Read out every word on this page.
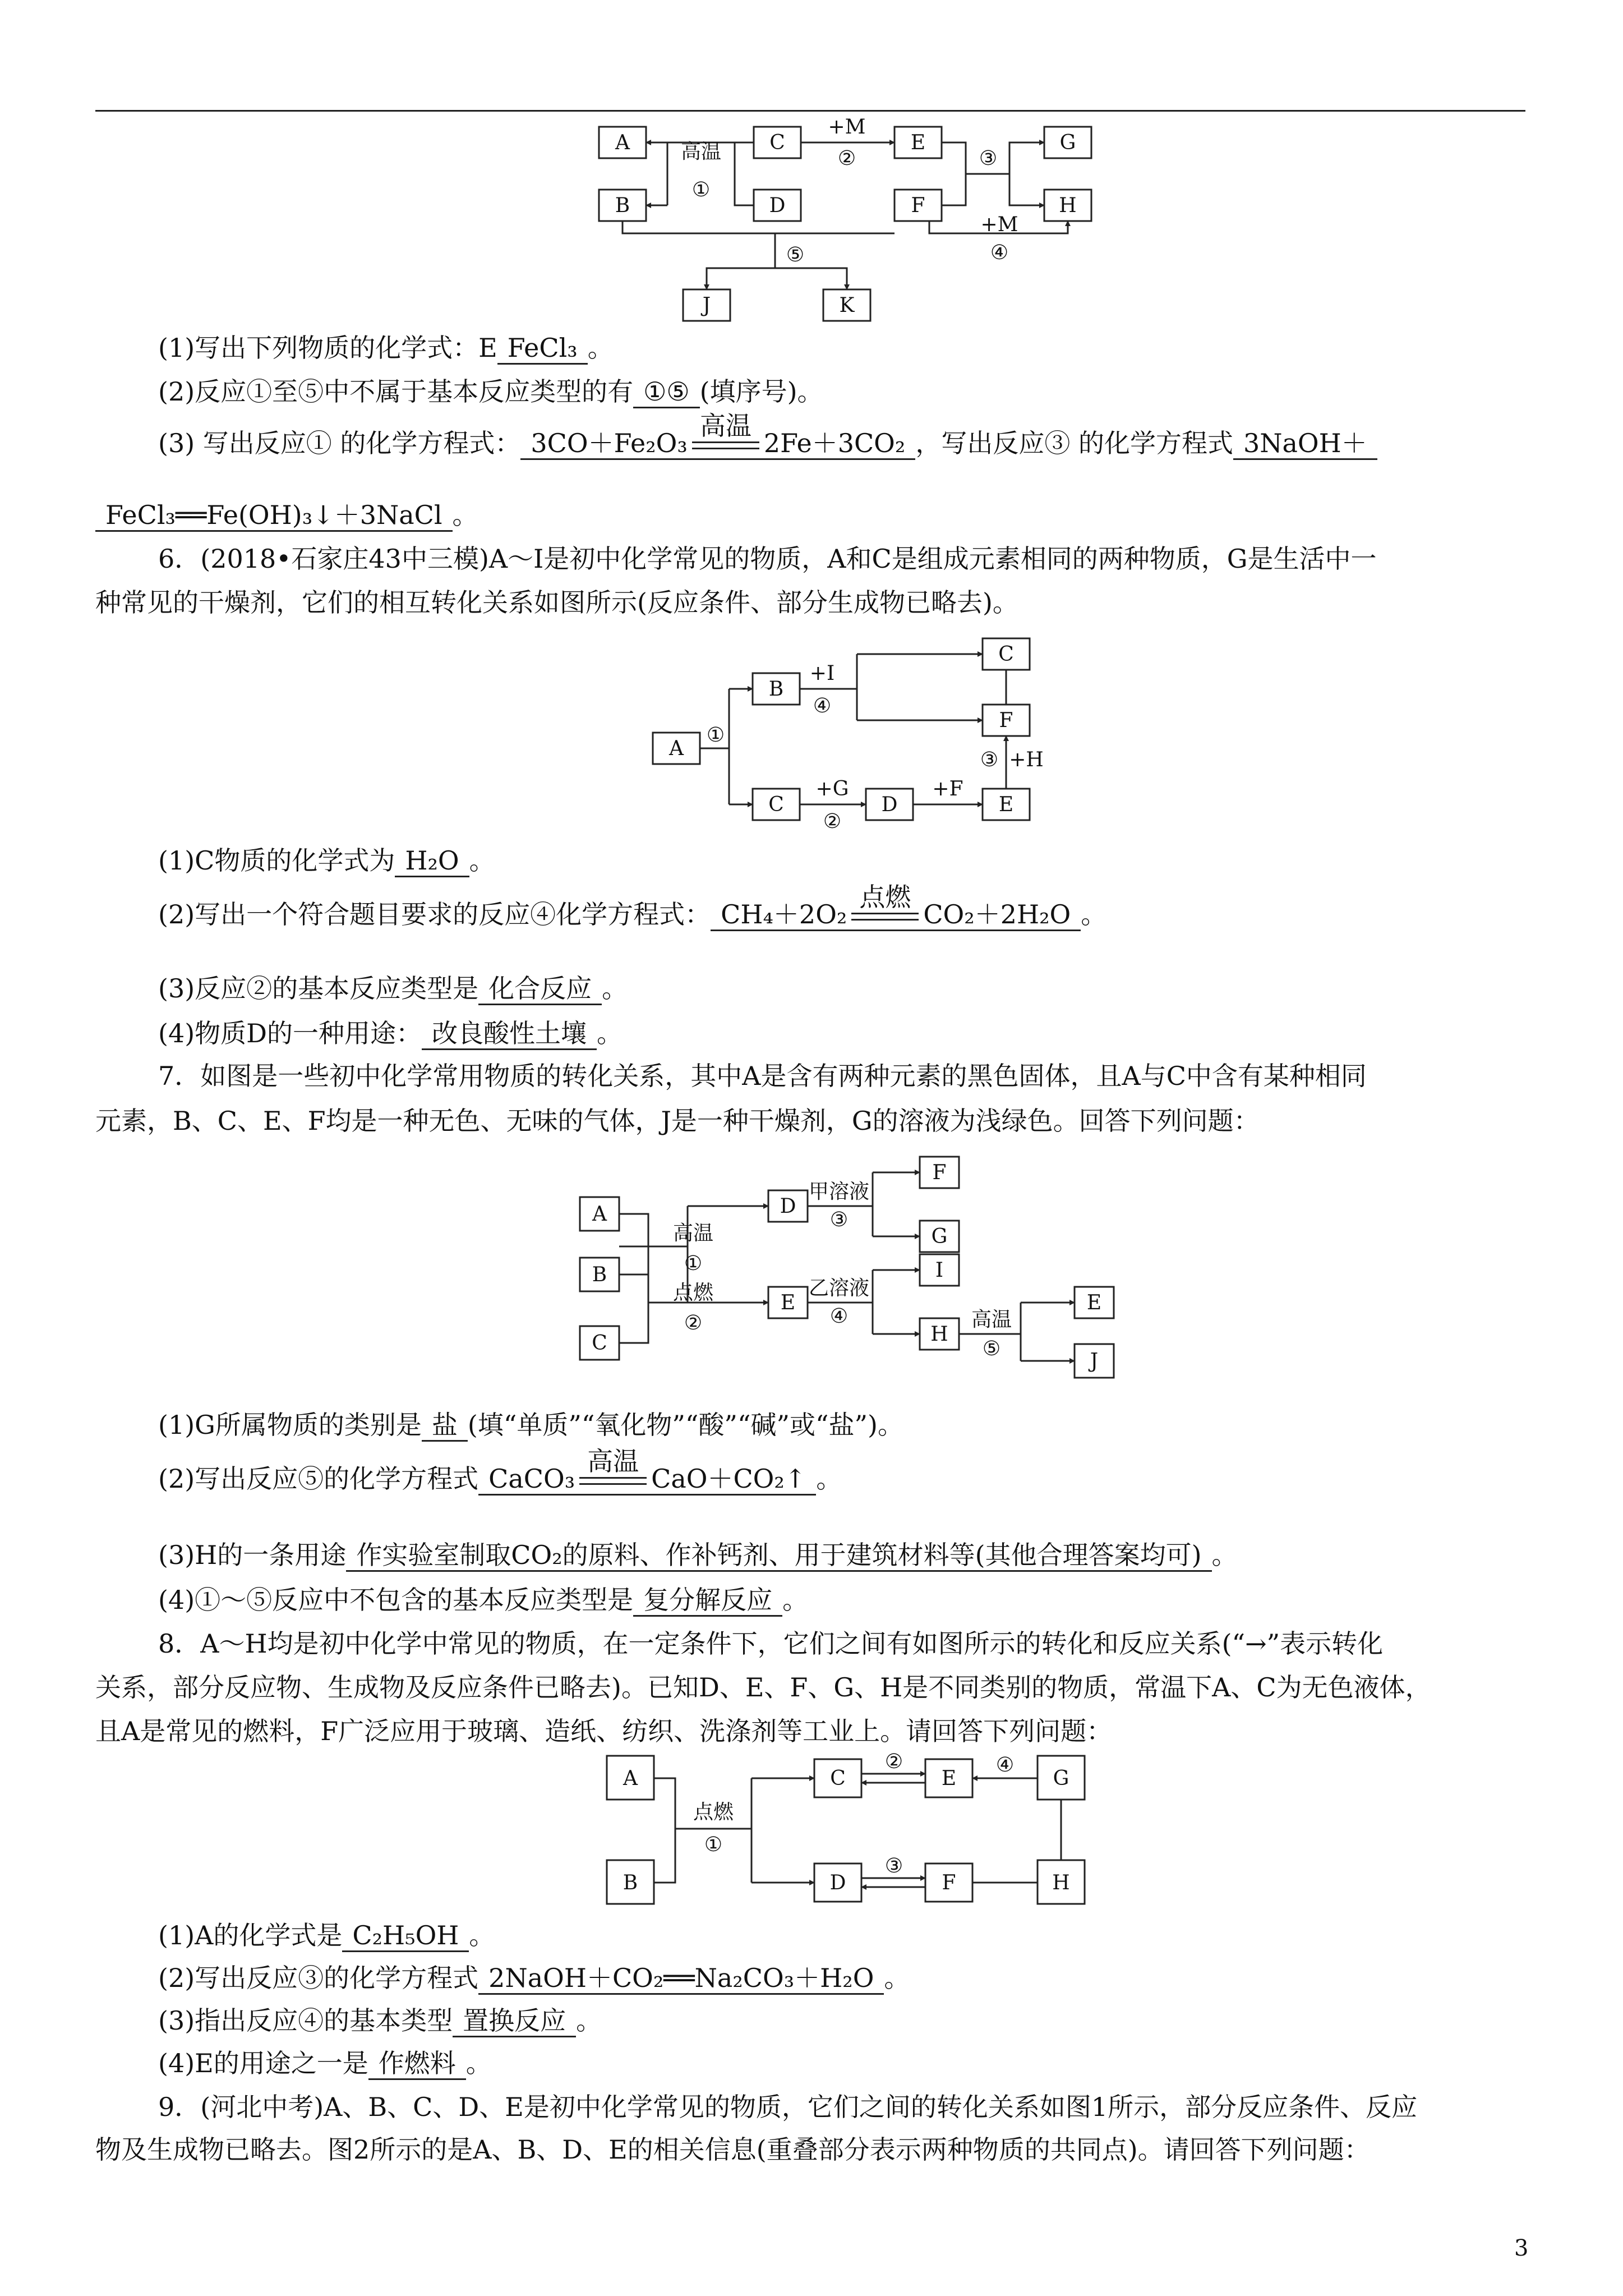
A
B
C
D
E
F
G
H
J	K
高温
①
+M
②	③
+M
④
⑤
(1)写出下列物质的化学式：E FeCl₃ 。
(2)反应①至⑤中不属于基本反应类型的有 ①⑤ (填序号)。
(3) 写出反应① 的化学方程式： 3CO＋Fe₂O₃
高温
2Fe＋3CO₂ ，写出反应③ 的化学方程式 3NaOH＋
FeCl₃══Fe(OH)₃↓＋3NaCl 。
6．(2018•石家庄43中三模)A～I是初中化学常见的物质，A和C是组成元素相同的两种物质，G是生活中一
种常见的干燥剂，它们的相互转化关系如图所示(反应条件、部分生成物已略去)。
A
B
C
C
F
D	E
①
+I
④
③ +H
+G
②
+F
(1)C物质的化学式为 H₂O 。
(2)写出一个符合题目要求的反应④化学方程式： CH₄＋2O₂
点燃
CO₂＋2H₂O 。
(3)反应②的基本反应类型是 化合反应 。
(4)物质D的一种用途： 改良酸性土壤 。
7．如图是一些初中化学常用物质的转化关系，其中A是含有两种元素的黑色固体，且A与C中含有某种相同
元素，B、C、E、F均是一种无色、无味的气体，J是一种干燥剂，G的溶液为浅绿色。回答下列问题：
A
B
C
D
E
F
G
I
H
E
J
高温
①
点燃
②
甲溶液
③
乙溶液
④	高温
⑤
(1)G所属物质的类别是 盐 (填“单质”“氧化物”“酸”“碱”或“盐”)。
(2)写出反应⑤的化学方程式 CaCO₃
高温
CaO＋CO₂↑ 。
(3)H的一条用途 作实验室制取CO₂的原料、作补钙剂、用于建筑材料等(其他合理答案均可) 。
(4)①～⑤反应中不包含的基本反应类型是 复分解反应 。
8．A～H均是初中化学中常见的物质，在一定条件下，它们之间有如图所示的转化和反应关系(“→”表示转化
关系，部分反应物、生成物及反应条件已略去)。已知D、E、F、G、H是不同类别的物质，常温下A、C为无色液体，
且A是常见的燃料，F广泛应用于玻璃、造纸、纺织、洗涤剂等工业上。请回答下列问题：
A
B
C	E	G
D	F	H
点燃
①
②	④
③
(1)A的化学式是 C₂H₅OH 。
(2)写出反应③的化学方程式 2NaOH＋CO₂══Na₂CO₃＋H₂O 。
(3)指出反应④的基本类型 置换反应 。
(4)E的用途之一是 作燃料 。
9．(河北中考)A、B、C、D、E是初中化学常见的物质，它们之间的转化关系如图1所示，部分反应条件、反应
物及生成物已略去。图2所示的是A、B、D、E的相关信息(重叠部分表示两种物质的共同点)。请回答下列问题：
3
